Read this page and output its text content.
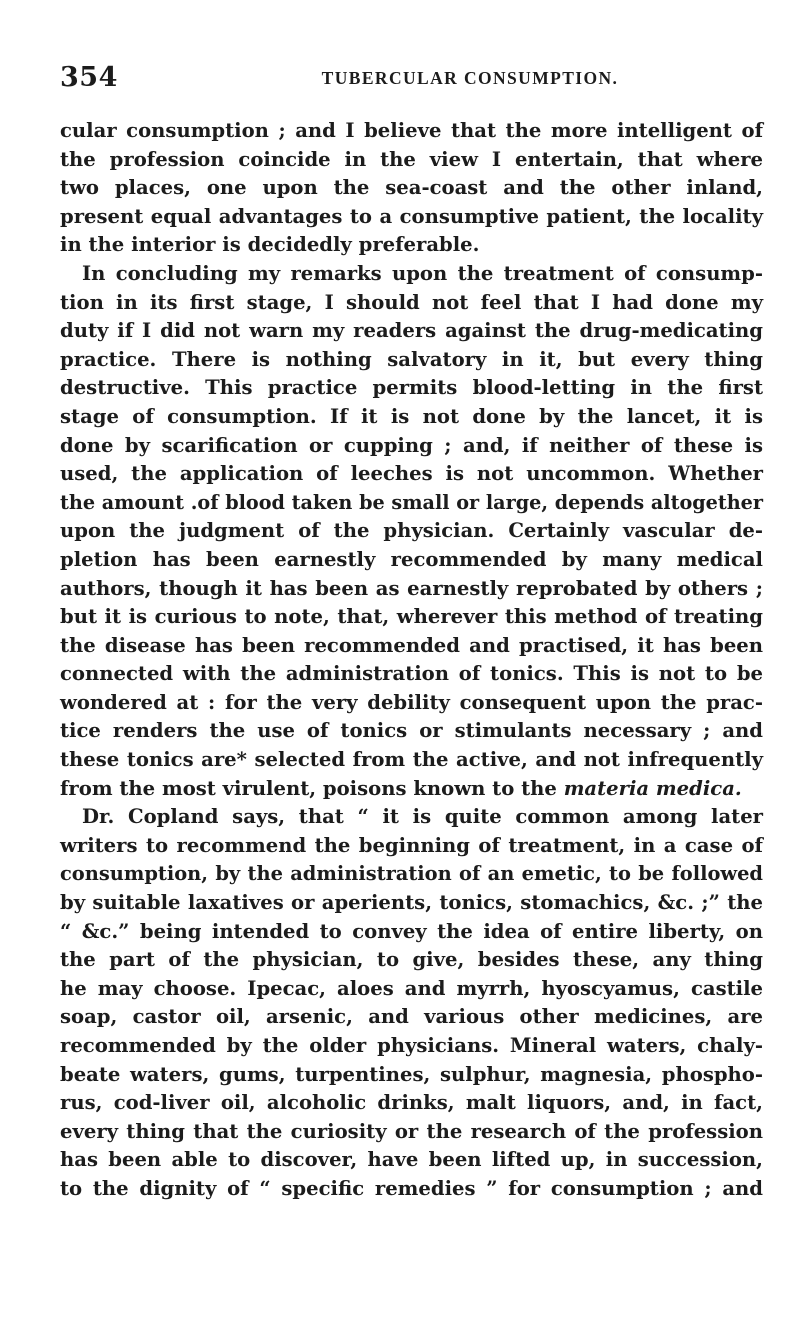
354	TUBERCULAR CONSUMPTION.
cular consumption ; and I believe that the more intelligent of
the profession coincide in the view I entertain, that where
two places, one upon the sea-coast and the other inland,
present equal advantages to a consumptive patient, the locality
in the interior is decidedly preferable.
In concluding my remarks upon the treatment of consump-
tion in its first stage, I should not feel that I had done my
duty if I did not warn my readers against the drug-medicating
practice. There is nothing salvatory in it, but every thing
destructive. This practice permits blood-letting in the first
stage of consumption. If it is not done by the lancet, it is
done by scarification or cupping ; and, if neither of these is
used, the application of leeches is not uncommon. Whether
the amount .of blood taken be small or large, depends altogether
upon the judgment of the physician. Certainly vascular de-
pletion has been earnestly recommended by many medical
authors, though it has been as earnestly reprobated by others ;
but it is curious to note, that, wherever this method of treating
the disease has been recommended and practised, it has been
connected with the administration of tonics. This is not to be
wondered at : for the very debility consequent upon the prac-
tice renders the use of tonics or stimulants necessary ; and
these tonics are* selected from the active, and not infrequently
from the most virulent, poisons known to the materia medica.
Dr. Copland says, that “ it is quite common among later
writers to recommend the beginning of treatment, in a case of
consumption, by the administration of an emetic, to be followed
by suitable laxatives or aperients, tonics, stomachics, &c. ;” the
“ &c.” being intended to convey the idea of entire liberty, on
the part of the physician, to give, besides these, any thing
he may choose. Ipecac, aloes and myrrh, hyoscyamus, castile
soap, castor oil, arsenic, and various other medicines, are
recommended by the older physicians. Mineral waters, chaly-
beate waters, gums, turpentines, sulphur, magnesia, phospho-
rus, cod-liver oil, alcoholic drinks, malt liquors, and, in fact,
every thing that the curiosity or the research of the profession
has been able to discover, have been lifted up, in succession,
to the dignity of “ specific remedies ” for consumption ; and
